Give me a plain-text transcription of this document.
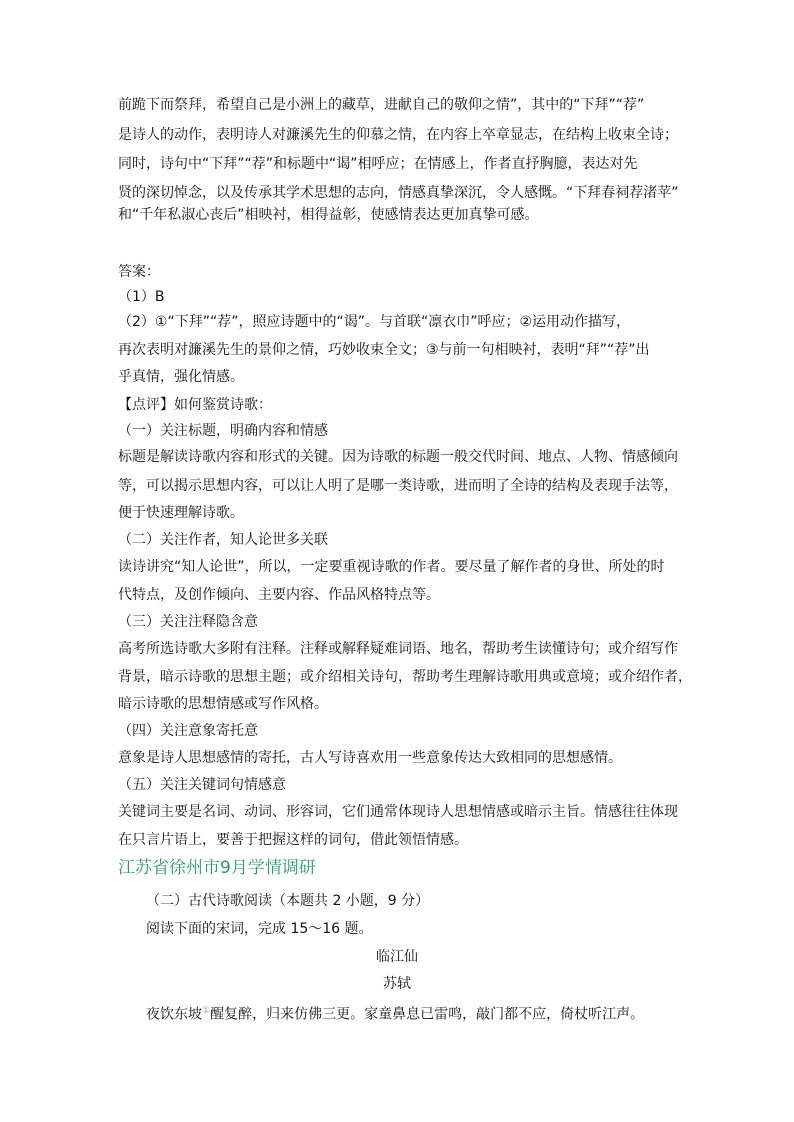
前跪下而祭拜，希望自己是小洲上的藏草，进献自己的敬仰之情”，其中的“下拜”“荐”
是诗人的动作，表明诗人对濂溪先生的仰慕之情，在内容上卒章显志，在结构上收束全诗；
同时，诗句中“下拜”“荐”和标题中“谒”相呼应；在情感上，作者直抒胸臆，表达对先
贤的深切悼念，以及传承其学术思想的志向，情感真挚深沉，令人感慨。“下拜春祠荐渚苹”
和“千年私淑心丧后”相映衬，相得益彰，使感情表达更加真挚可感。
答案：
（1）B
（2）①“下拜”“荐”，照应诗题中的“谒”。与首联“凛衣巾”呼应；②运用动作描写，
再次表明对濂溪先生的景仰之情，巧妙收束全文；③与前一句相映衬，表明“拜”“荐”出
乎真情，强化情感。
【点评】如何鉴赏诗歌：
（一）关注标题，明确内容和情感
标题是解读诗歌内容和形式的关键。因为诗歌的标题一般交代时间、地点、人物、情感倾向
等，可以揭示思想内容，可以让人明了是哪一类诗歌，进而明了全诗的结构及表现手法等，
便于快速理解诗歌。
（二）关注作者，知人论世多关联
读诗讲究“知人论世”，所以，一定要重视诗歌的作者。要尽量了解作者的身世、所处的时
代特点，及创作倾向、主要内容、作品风格特点等。
（三）关注注释隐含意
高考所选诗歌大多附有注释。注释或解释疑难词语、地名，帮助考生读懂诗句；或介绍写作
背景，暗示诗歌的思想主题；或介绍相关诗句，帮助考生理解诗歌用典或意境；或介绍作者，
暗示诗歌的思想情感或写作风格。
（四）关注意象寄托意
意象是诗人思想感情的寄托，古人写诗喜欢用一些意象传达大致相同的思想感情。
（五）关注关键词句情感意
关键词主要是名词、动词、形容词，它们通常体现诗人思想情感或暗示主旨。情感往往体现
在只言片语上，要善于把握这样的词句，借此领悟情感。
江苏省徐州市9月学情调研
（二）古代诗歌阅读（本题共 2 小题，9 分）
阅读下面的宋词，完成 15～16 题。
临江仙
苏轼
夜饮东坡①醒复醉，归来仿佛三更。家童鼻息已雷鸣，敲门都不应，倚杖听江声。
